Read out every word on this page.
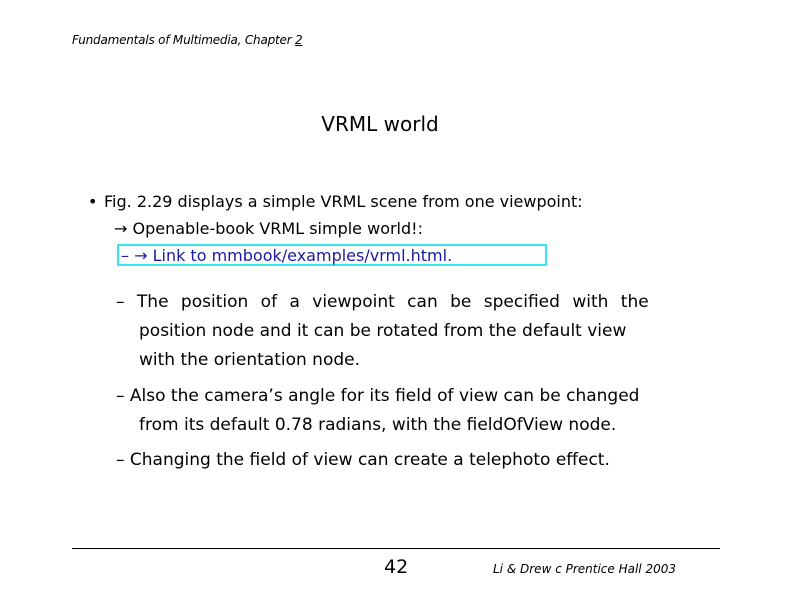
Fundamentals of Multimedia, Chapter 2
VRML world
• Fig. 2.29 displays a simple VRML scene from one viewpoint:
→ Openable-book VRML simple world!:
– → Link to mmbook/examples/vrml.html.
– The position of a viewpoint can be specified with the
position node and it can be rotated from the default view
with the orientation node.
– Also the camera’s angle for its field of view can be changed
from its default 0.78 radians, with the fieldOfView node.
– Changing the field of view can create a telephoto effect.
42	Li & Drew c Prentice Hall 2003
